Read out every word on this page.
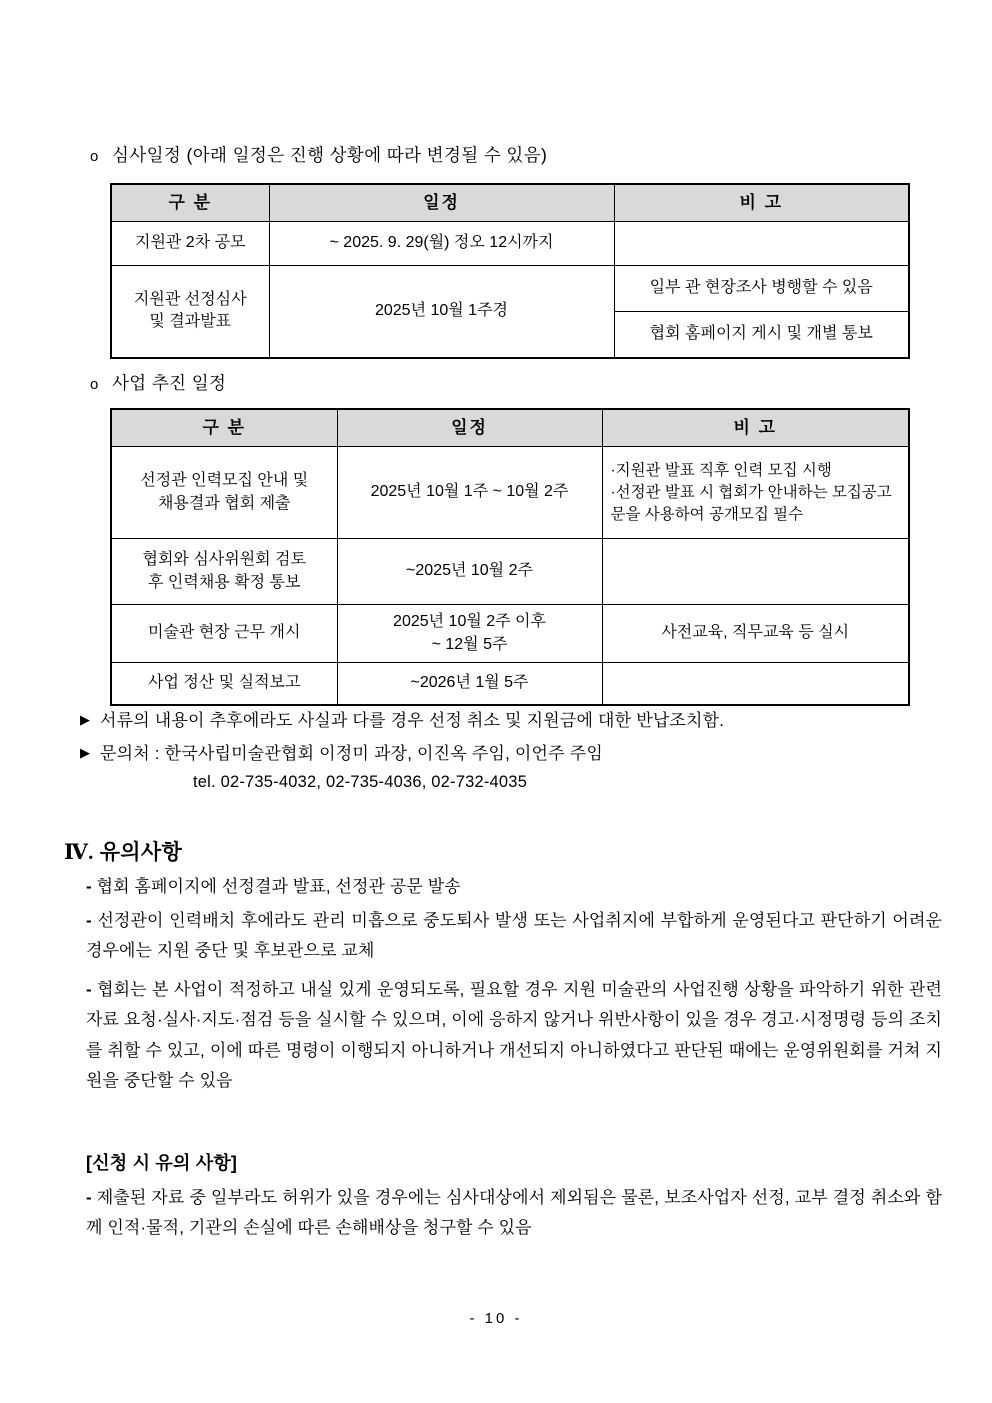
o 심사일정 (아래 일정은 진행 상황에 따라 변경될 수 있음)
구 분	일정	비 고
지원관 2차 공모	~ 2025. 9. 29(월) 정오 12시까지	
지원관 선정심사
및 결과발표	2025년 10월 1주경	일부 관 현장조사 병행할 수 있음
		협회 홈페이지 게시 및 개별 통보
o 사업 추진 일정
구 분	일정	비 고
선정관 인력모집 안내 및
채용결과 협회 제출	2025년 10월 1주 ~ 10월 2주	·지원관 발표 직후 인력 모집 시행
·선정관 발표 시 협회가 안내하는 모집공고문을 사용하여 공개모집 필수

협회와 심사위원회 검토
후 인력채용 확정 통보	~2025년 10월 2주	
미술관 현장 근무 개시	2025년 10월 2주 이후
~ 12월 5주	사전교육, 직무교육 등 실시
사업 정산 및 실적보고	~2026년 1월 5주	
▶ 서류의 내용이 추후에라도 사실과 다를 경우 선정 취소 및 지원금에 대한 반납조치함.
▶ 문의처 : 한국사립미술관협회 이정미 과장, 이진옥 주임, 이언주 주임
tel. 02-735-4032, 02-735-4036, 02-732-4035
Ⅳ. 유의사항
- 협회 홈페이지에 선정결과 발표, 선정관 공문 발송
- 선정관이 인력배치 후에라도 관리 미흡으로 중도퇴사 발생 또는 사업취지에 부합하게 운영된다고 판단하기 어려운 경우에는 지원 중단 및 후보관으로 교체
- 협회는 본 사업이 적정하고 내실 있게 운영되도록, 필요할 경우 지원 미술관의 사업진행 상황을 파악하기 위한 관련자료 요청·실사·지도·점검 등을 실시할 수 있으며, 이에 응하지 않거나 위반사항이 있을 경우 경고·시정명령 등의 조치를 취할 수 있고, 이에 따른 명령이 이행되지 아니하거나 개선되지 아니하였다고 판단된 때에는 운영위원회를 거쳐 지원을 중단할 수 있음
[신청 시 유의 사항]
- 제출된 자료 중 일부라도 허위가 있을 경우에는 심사대상에서 제외됨은 물론, 보조사업자 선정, 교부 결정 취소와 함께 인적·물적, 기관의 손실에 따른 손해배상을 청구할 수 있음
- 10 -
